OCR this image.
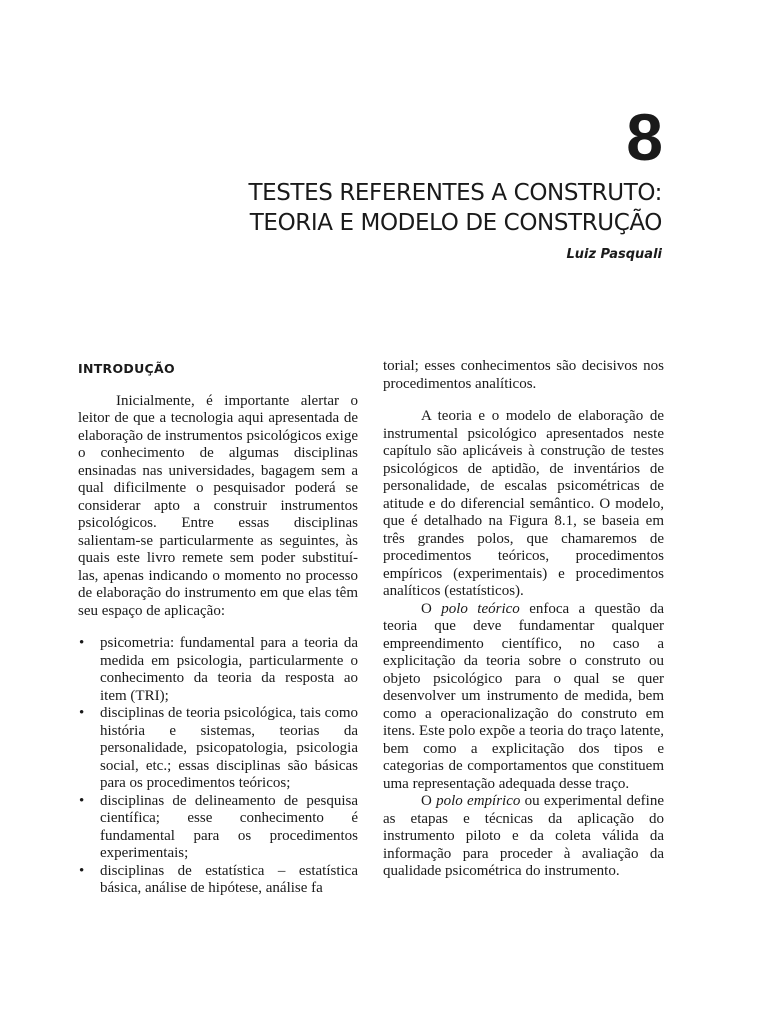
8
TESTES REFERENTES A CONSTRUTO:
TEORIA E MODELO DE CONSTRUÇÃO
Luiz Pasquali
INTRODUÇÃO

Inicialmente, é importante alertar o leitor de que a tecnologia aqui apresentada de elaboração de instrumentos psicológicos exige o conhecimento de algumas disciplinas ensinadas nas universidades, bagagem sem a qual dificilmente o pesquisador poderá se considerar apto a construir instrumentos psicológicos. Entre essas disciplinas salientam-se particularmente as seguintes, às quais este livro remete sem poder substituí-las, apenas indicando o momento no processo de elaboração do instrumento em que elas têm seu espaço de aplicação:

• psicometria: fundamental para a teoria da medida em psicologia, particularmente o conhecimento da teoria da resposta ao item (TRI);
• disciplinas de teoria psicológica, tais como história e sistemas, teorias da personalidade, psicopatologia, psicologia social, etc.; essas disciplinas são básicas para os procedimentos teóricos;
• disciplinas de delineamento de pesquisa científica; esse conhecimento é fundamental para os procedimentos experimentais;
• disciplinas de estatística – estatística básica, análise de hipótese, análise fa

torial; esses conhecimentos são decisivos nos procedimentos analíticos.

A teoria e o modelo de elaboração de instrumental psicológico apresentados neste capítulo são aplicáveis à construção de testes psicológicos de aptidão, de inventários de personalidade, de escalas psicométricas de atitude e do diferencial semântico. O modelo, que é detalhado na Figura 8.1, se baseia em três grandes polos, que chamaremos de procedimentos teóricos, procedimentos empíricos (experimentais) e procedimentos analíticos (estatísticos).

O polo teórico enfoca a questão da teoria que deve fundamentar qualquer empreendimento científico, no caso a explicitação da teoria sobre o construto ou objeto psicológico para o qual se quer desenvolver um instrumento de medida, bem como a operacionalização do construto em itens. Este polo expõe a teoria do traço latente, bem como a explicitação dos tipos e categorias de comportamentos que constituem uma representação adequada desse traço.

O polo empírico ou experimental define as etapas e técnicas da aplicação do instrumento piloto e da coleta válida da informação para proceder à avaliação da qualidade psicométrica do instrumento.
